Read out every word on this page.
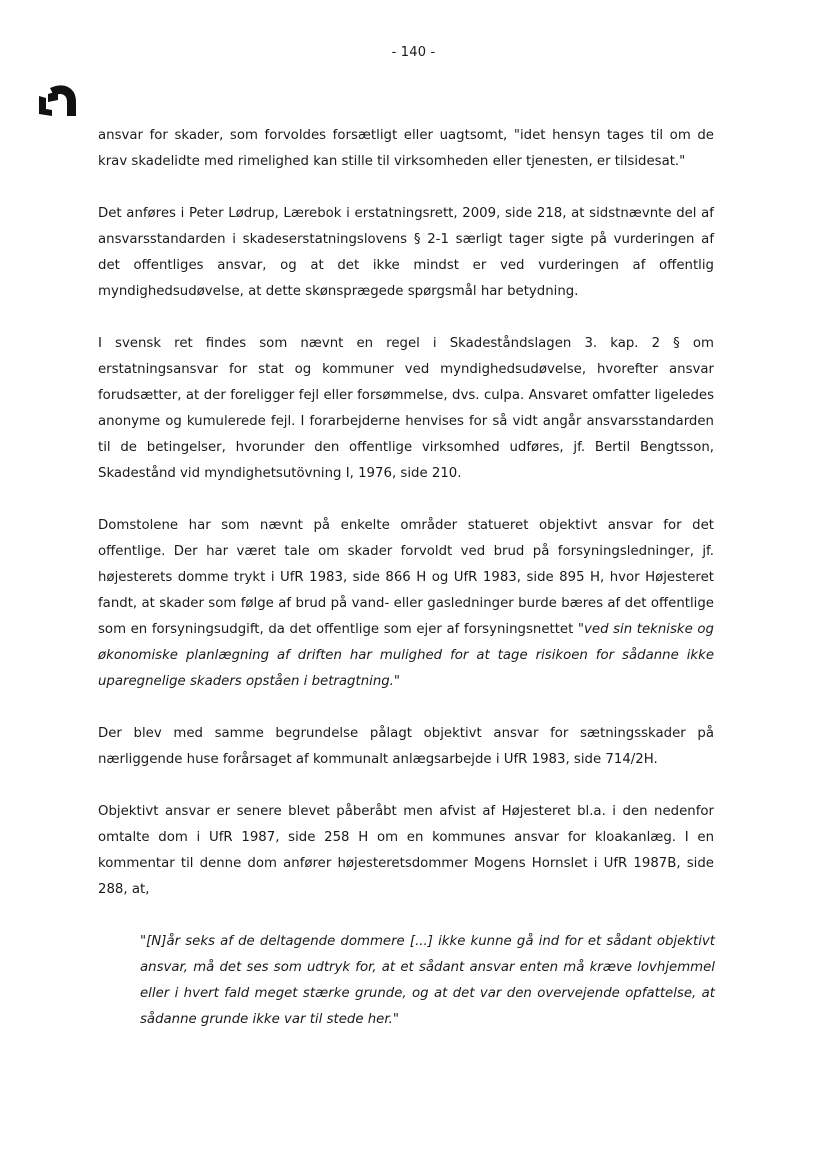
- 140 -

ansvar for skader, som forvoldes forsætligt eller uagtsomt, "idet hensyn tages til om de krav skadelidte med rimelighed kan stille til virksomheden eller tjenesten, er tilsidesat."

Det anføres i Peter Lødrup, Lærebok i erstatningsrett, 2009, side 218, at sidstnævnte del af ansvarsstandarden i skadeserstatningslovens § 2-1 særligt tager sigte på vurderingen af det offentliges ansvar, og at det ikke mindst er ved vurderingen af offentlig myndighedsudøvelse, at dette skønsprægede spørgsmål har betydning.

I svensk ret findes som nævnt en regel i Skadeståndslagen 3. kap. 2 § om erstatningsansvar for stat og kommuner ved myndighedsudøvelse, hvorefter ansvar forudsætter, at der foreligger fejl eller forsømmelse, dvs. culpa. Ansvaret omfatter ligeledes anonyme og kumulerede fejl. I forarbejderne henvises for så vidt angår ansvarsstandarden til de betingelser, hvorunder den offentlige virksomhed udføres, jf. Bertil Bengtsson, Skadestånd vid myndighetsutövning I, 1976, side 210.

Domstolene har som nævnt på enkelte områder statueret objektivt ansvar for det offentlige. Der har været tale om skader forvoldt ved brud på forsyningsledninger, jf. højesterets domme trykt i UfR 1983, side 866 H og UfR 1983, side 895 H, hvor Højesteret fandt, at skader som følge af brud på vand- eller gasledninger burde bæres af det offentlige som en forsyningsudgift, da det offentlige som ejer af forsyningsnettet "ved sin tekniske og økonomiske planlægning af driften har mulighed for at tage risikoen for sådanne ikke uparegnelige skaders opståen i betragtning."

Der blev med samme begrundelse pålagt objektivt ansvar for sætningsskader på nærliggende huse forårsaget af kommunalt anlægsarbejde i UfR 1983, side 714/2H.

Objektivt ansvar er senere blevet påberåbt men afvist af Højesteret bl.a. i den nedenfor omtalte dom i UfR 1987, side 258 H om en kommunes ansvar for kloakanlæg. I en kommentar til denne dom anfører højesteretsdommer Mogens Hornslet i UfR 1987B, side 288, at,

"[N]år seks af de deltagende dommere [...] ikke kunne gå ind for et sådant objektivt ansvar, må det ses som udtryk for, at et sådant ansvar enten må kræve lovhjemmel eller i hvert fald meget stærke grunde, og at det var den overvejende opfattelse, at sådanne grunde ikke var til stede her."
